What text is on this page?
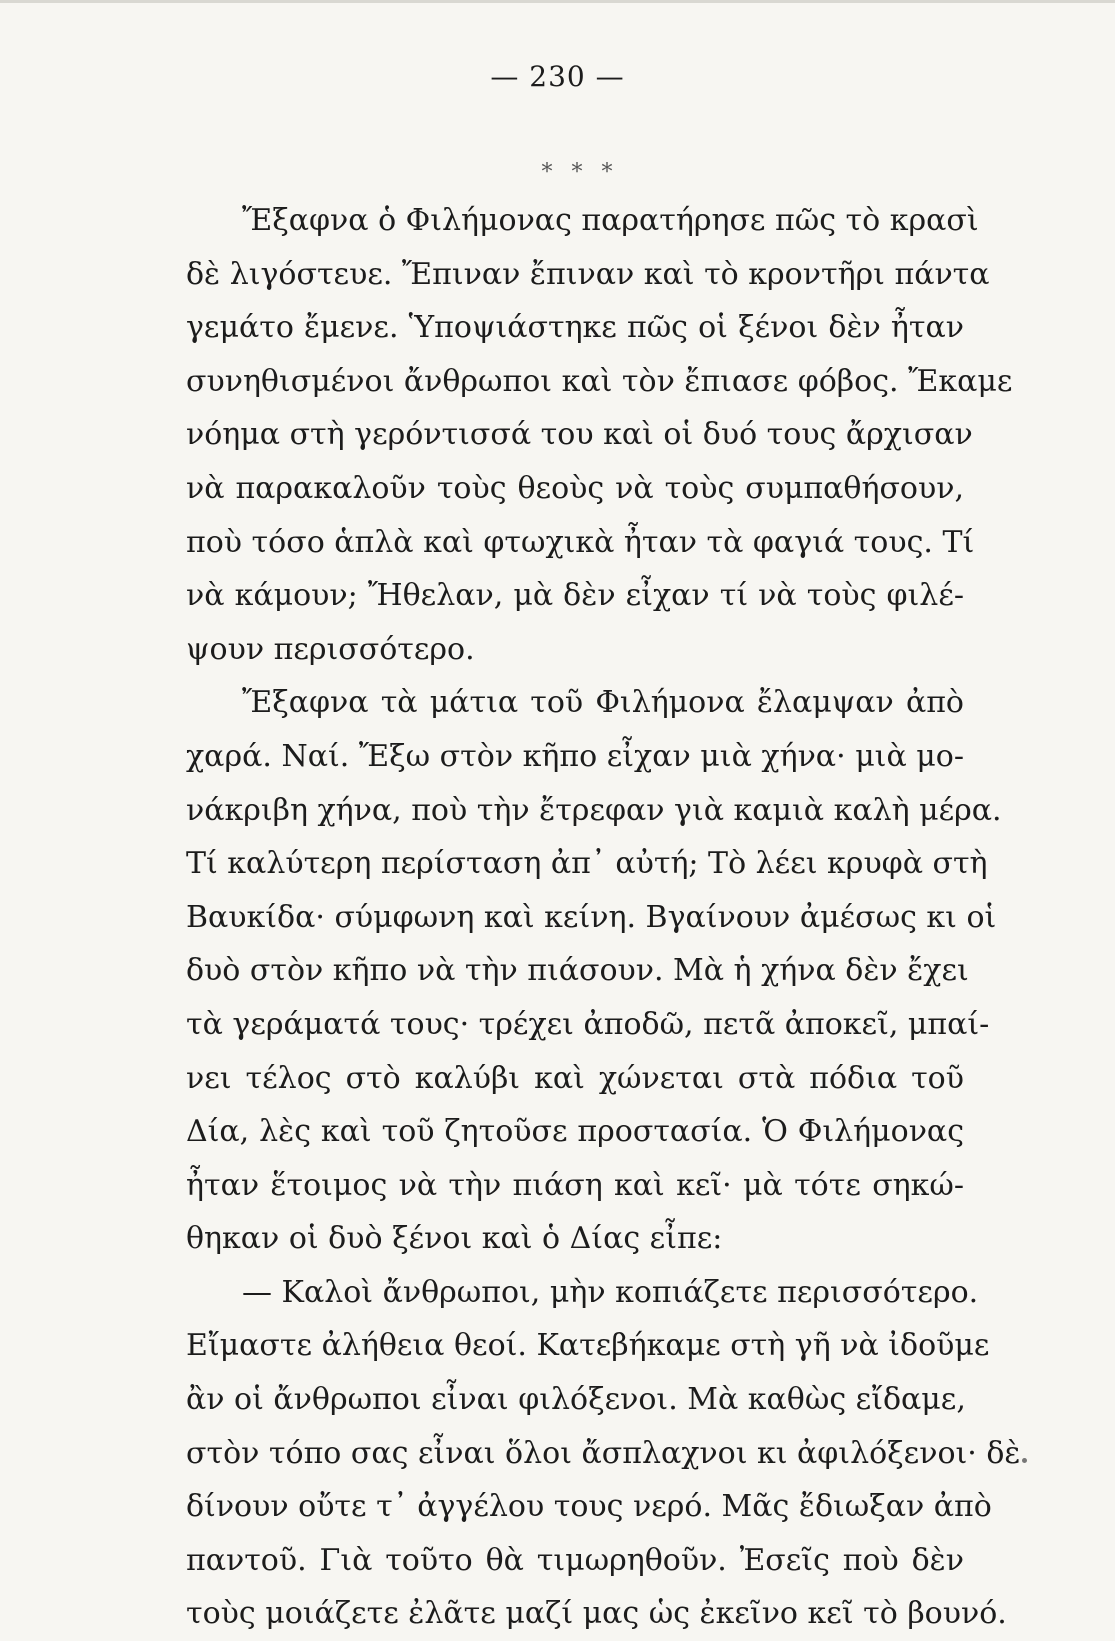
— 230 —
* * *
Ἔξαφνα ὁ Φιλήμονας παρατήρησε πῶς τὸ κρασὶ
δὲ λιγόστευε. Ἔπιναν ἔπιναν καὶ τὸ κροντῆρι πάντα
γεμάτο ἔμενε. Ὑποψιάστηκε πῶς οἱ ξένοι δὲν ἦταν
συνηθισμένοι ἄνθρωποι καὶ τὸν ἔπιασε φόβος. Ἔκαμε
νόημα στὴ γερόντισσά του καὶ οἱ δυό τους ἄρχισαν
νὰ παρακαλοῦν τοὺς θεοὺς νὰ τοὺς συμπαθήσουν,
ποὺ τόσο ἁπλὰ καὶ φτωχικὰ ἦταν τὰ φαγιά τους. Τί
νὰ κάμουν; Ἤθελαν, μὰ δὲν εἶχαν τί νὰ τοὺς φιλέ-
ψουν περισσότερο.
Ἔξαφνα τὰ μάτια τοῦ Φιλήμονα ἔλαμψαν ἀπὸ
χαρά. Ναί. Ἔξω στὸν κῆπο εἶχαν μιὰ χήνα· μιὰ μο-
νάκριβη χήνα, ποὺ τὴν ἔτρεφαν γιὰ καμιὰ καλὴ μέρα.
Τί καλύτερη περίσταση ἀπ᾿ αὐτή; Τὸ λέει κρυφὰ στὴ
Βαυκίδα· σύμφωνη καὶ κείνη. Βγαίνουν ἀμέσως κι οἱ
δυὸ στὸν κῆπο νὰ τὴν πιάσουν. Μὰ ἡ χήνα δὲν ἔχει
τὰ γεράματά τους· τρέχει ἀποδῶ, πετᾶ ἀποκεῖ, μπαί-
νει τέλος στὸ καλύβι καὶ χώνεται στὰ πόδια τοῦ
Δία, λὲς καὶ τοῦ ζητοῦσε προστασία. Ὁ Φιλήμονας
ἦταν ἕτοιμος νὰ τὴν πιάση καὶ κεῖ· μὰ τότε σηκώ-
θηκαν οἱ δυὸ ξένοι καὶ ὁ Δίας εἶπε:
— Καλοὶ ἄνθρωποι, μὴν κοπιάζετε περισσότερο.
Εἴμαστε ἀλήθεια θεοί. Κατεβήκαμε στὴ γῆ νὰ ἰδοῦμε
ἂν οἱ ἄνθρωποι εἶναι φιλόξενοι. Μὰ καθὼς εἴδαμε,
στὸν τόπο σας εἶναι ὅλοι ἄσπλαχνοι κι ἀφιλόξενοι· δὲ
δίνουν οὔτε τ᾿ ἀγγέλου τους νερό. Μᾶς ἔδιωξαν ἀπὸ
παντοῦ. Γιὰ τοῦτο θὰ τιμωρηθοῦν. Ἐσεῖς ποὺ δὲν
τοὺς μοιάζετε ἐλᾶτε μαζί μας ὡς ἐκεῖνο κεῖ τὸ βουνό.
